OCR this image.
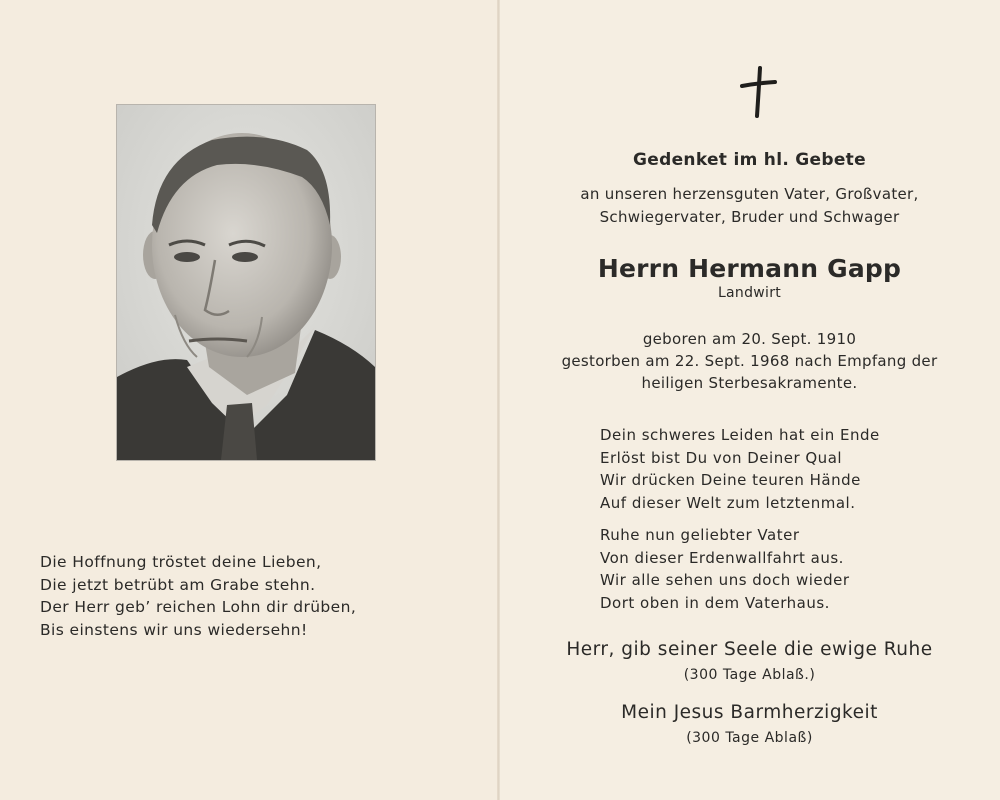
Die Hoffnung tröstet deine Lieben,
Die jetzt betrübt am Grabe stehn.
Der Herr geb’ reichen Lohn dir drüben,
Bis einstens wir uns wiedersehn!
Gedenket im hl. Gebete
an unseren herzensguten Vater, Großvater,
Schwiegervater, Bruder und Schwager
Herrn Hermann Gapp
Landwirt
geboren am 20. Sept. 1910
gestorben am 22. Sept. 1968 nach Empfang der
heiligen Sterbesakramente.
Dein schweres Leiden hat ein Ende
Erlöst bist Du von Deiner Qual
Wir drücken Deine teuren Hände
Auf dieser Welt zum letztenmal.
Ruhe nun geliebter Vater
Von dieser Erdenwallfahrt aus.
Wir alle sehen uns doch wieder
Dort oben in dem Vaterhaus.
Herr, gib seiner Seele die ewige Ruhe
(300 Tage Ablaß.)
Mein Jesus Barmherzigkeit
(300 Tage Ablaß)
